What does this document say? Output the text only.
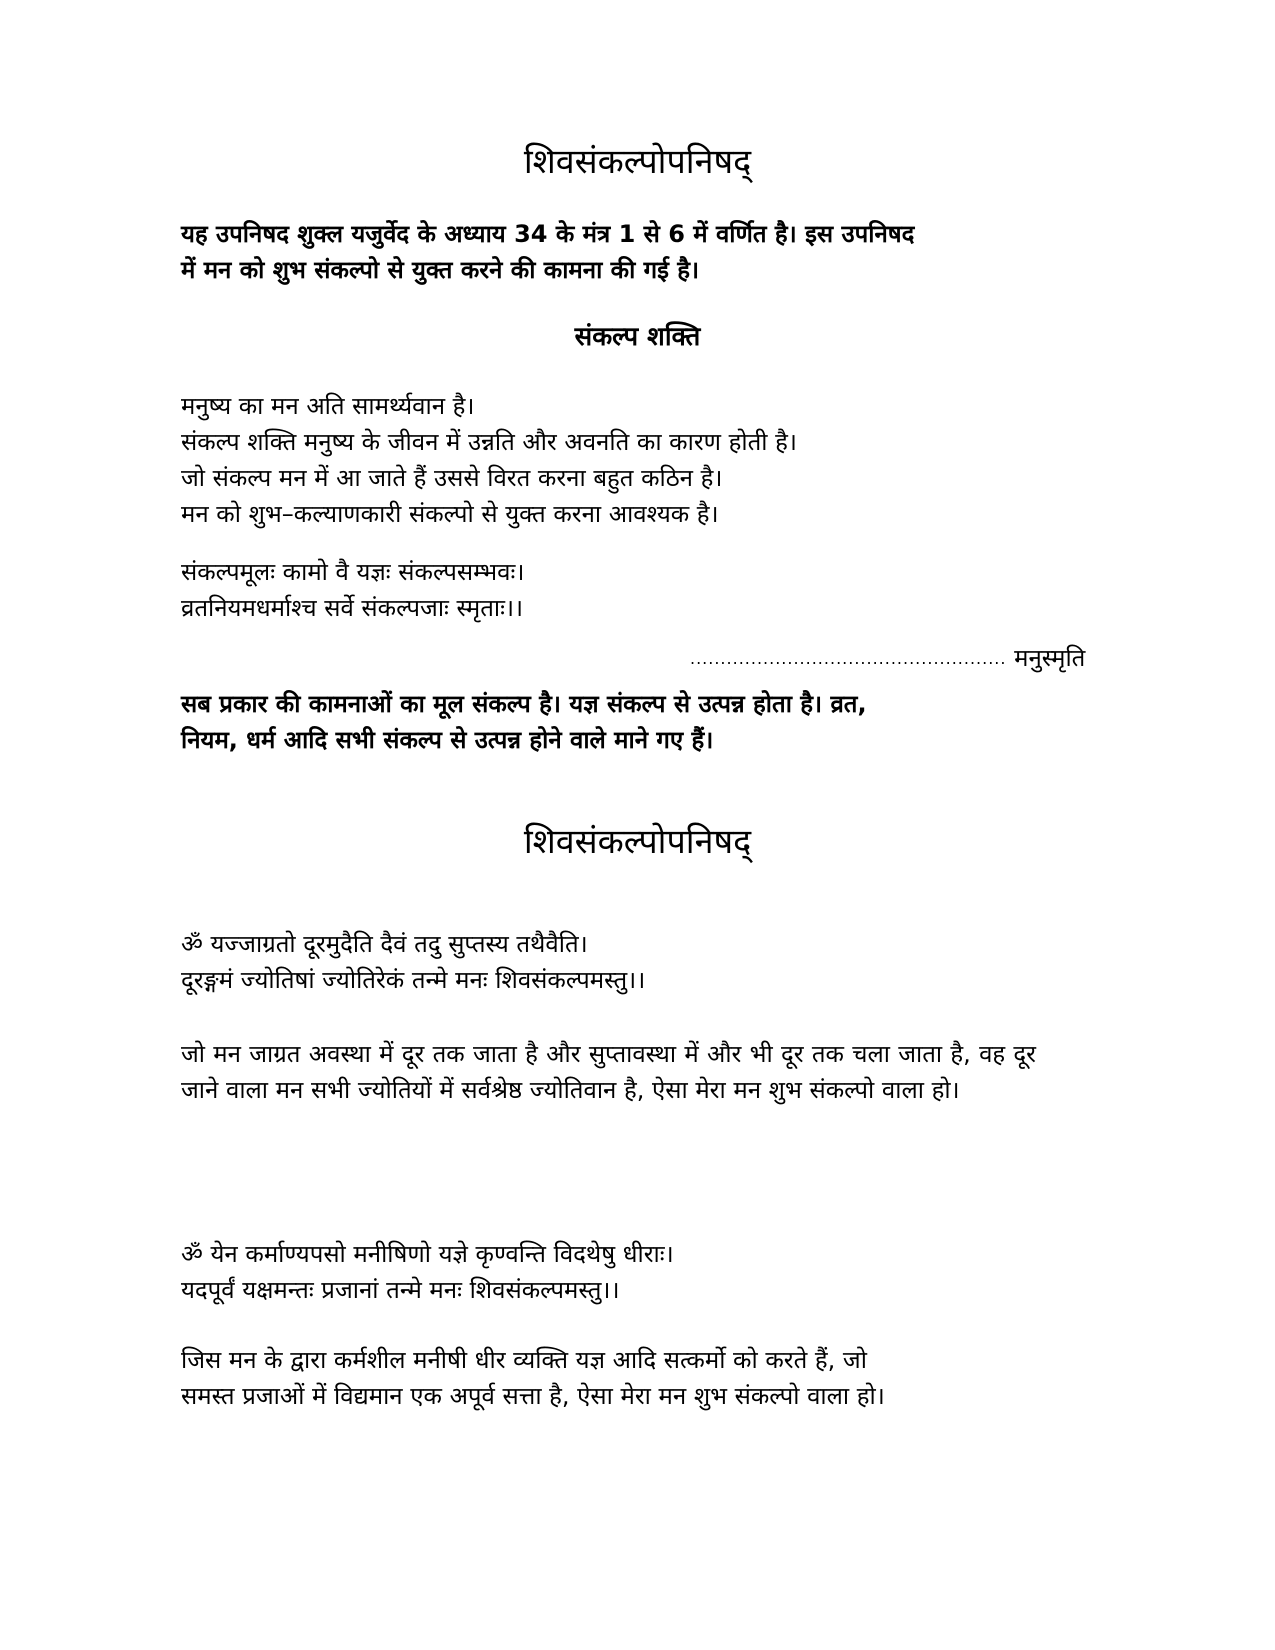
शिवसंकल्पोपनिषद्
यह उपनिषद शुक्ल यजुर्वेद के अध्याय 34 के मंत्र 1 से 6 में वर्णित है। इस उपनिषद
में मन को शुभ संकल्पो से युक्त करने की कामना की गई है।
संकल्प शक्ति
मनुष्य का मन अति सामर्थ्यवान है।
संकल्प शक्ति मनुष्य के जीवन में उन्नति और अवनति का कारण होती है।
जो संकल्प मन में आ जाते हैं उससे विरत करना बहुत कठिन है।
मन को शुभ–कल्याणकारी संकल्पो से युक्त करना आवश्यक है।
संकल्पमूलः कामो वै यज्ञः संकल्पसम्भवः।
व्रतनियमधर्माश्च सर्वे संकल्पजाः स्मृताः।।
.................................................... मनुस्मृति
सब प्रकार की कामनाओं का मूल संकल्प है। यज्ञ संकल्प से उत्पन्न होता है। व्रत,
नियम, धर्म आदि सभी संकल्प से उत्पन्न होने वाले माने गए हैं।
शिवसंकल्पोपनिषद्
ॐ यज्जाग्रतो दूरमुदैति दैवं तदु सुप्तस्य तथैवैति।
दूरङ्गमं ज्योतिषां ज्योतिरेकं तन्मे मनः शिवसंकल्पमस्तु।।
जो मन जाग्रत अवस्था में दूर तक जाता है और सुप्तावस्था में और भी दूर तक चला जाता है, वह दूर जाने वाला मन सभी ज्योतियों में सर्वश्रेष्ठ ज्योतिवान है, ऐसा मेरा मन शुभ संकल्पो वाला हो।
ॐ येन कर्माण्यपसो मनीषिणो यज्ञे कृण्वन्ति विदथेषु धीराः।
यदपूर्वं यक्षमन्तः प्रजानां तन्मे मनः शिवसंकल्पमस्तु।।
जिस मन के द्वारा कर्मशील मनीषी धीर व्यक्ति यज्ञ आदि सत्कर्मो को करते हैं, जो
समस्त प्रजाओं में विद्यमान एक अपूर्व सत्ता है, ऐसा मेरा मन शुभ संकल्पो वाला हो।
